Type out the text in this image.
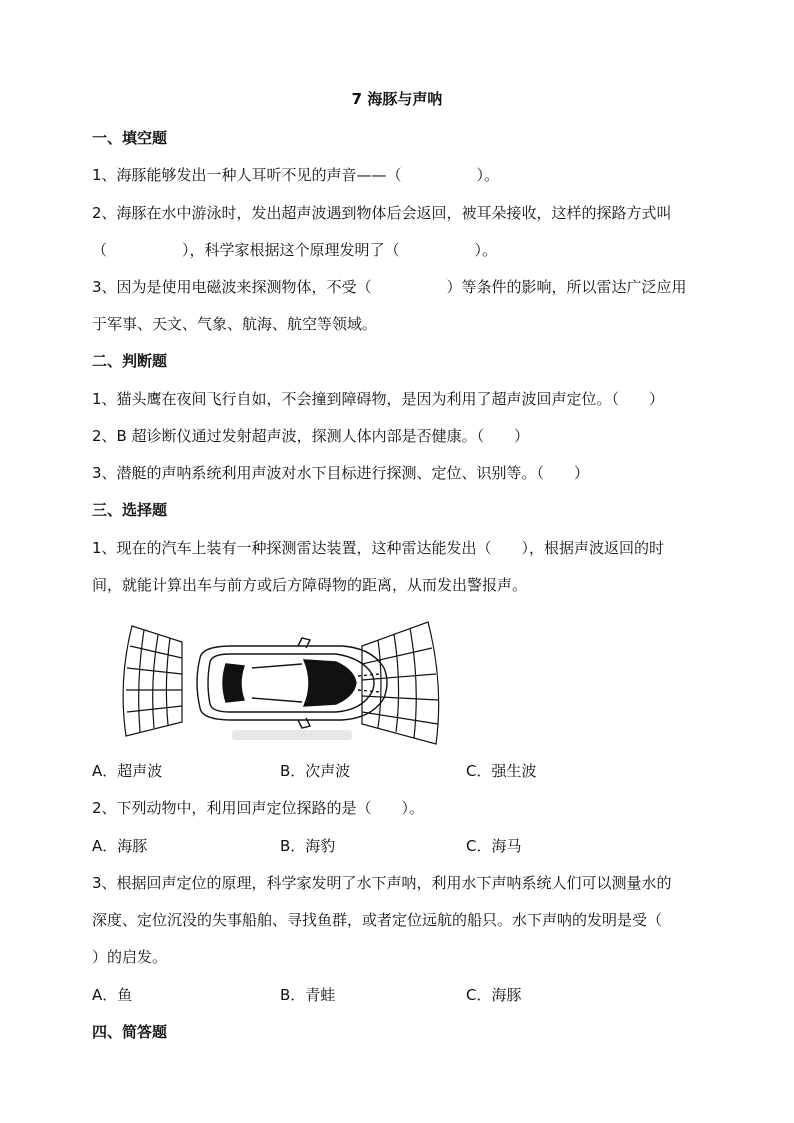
7 海豚与声呐
一、填空题
1、海豚能够发出一种人耳听不见的声音——（　　　　　）。
2、海豚在水中游泳时，发出超声波遇到物体后会返回，被耳朵接收，这样的探路方式叫
（　　　　　），科学家根据这个原理发明了（　　　　　）。
3、因为是使用电磁波来探测物体，不受（　　　　　）等条件的影响，所以雷达广泛应用
于军事、天文、气象、航海、航空等领域。
二、判断题
1、猫头鹰在夜间飞行自如，不会撞到障碍物，是因为利用了超声波回声定位。（　　）
2、B 超诊断仪通过发射超声波，探测人体内部是否健康。（　　）
3、潜艇的声呐系统利用声波对水下目标进行探测、定位、识别等。（　　）
三、选择题
1、现在的汽车上装有一种探测雷达装置，这种雷达能发出（　　），根据声波返回的时
间，就能计算出车与前方或后方障碍物的距离，从而发出警报声。
A．超声波	B．次声波	C．强生波
2、下列动物中，利用回声定位探路的是（　　）。
A．海豚	B．海豹	C．海马
3、根据回声定位的原理，科学家发明了水下声呐，利用水下声呐系统人们可以测量水的
深度、定位沉没的失事船舶、寻找鱼群，或者定位远航的船只。水下声呐的发明是受（
）的启发。
A．鱼	B．青蛙	C．海豚
四、简答题
